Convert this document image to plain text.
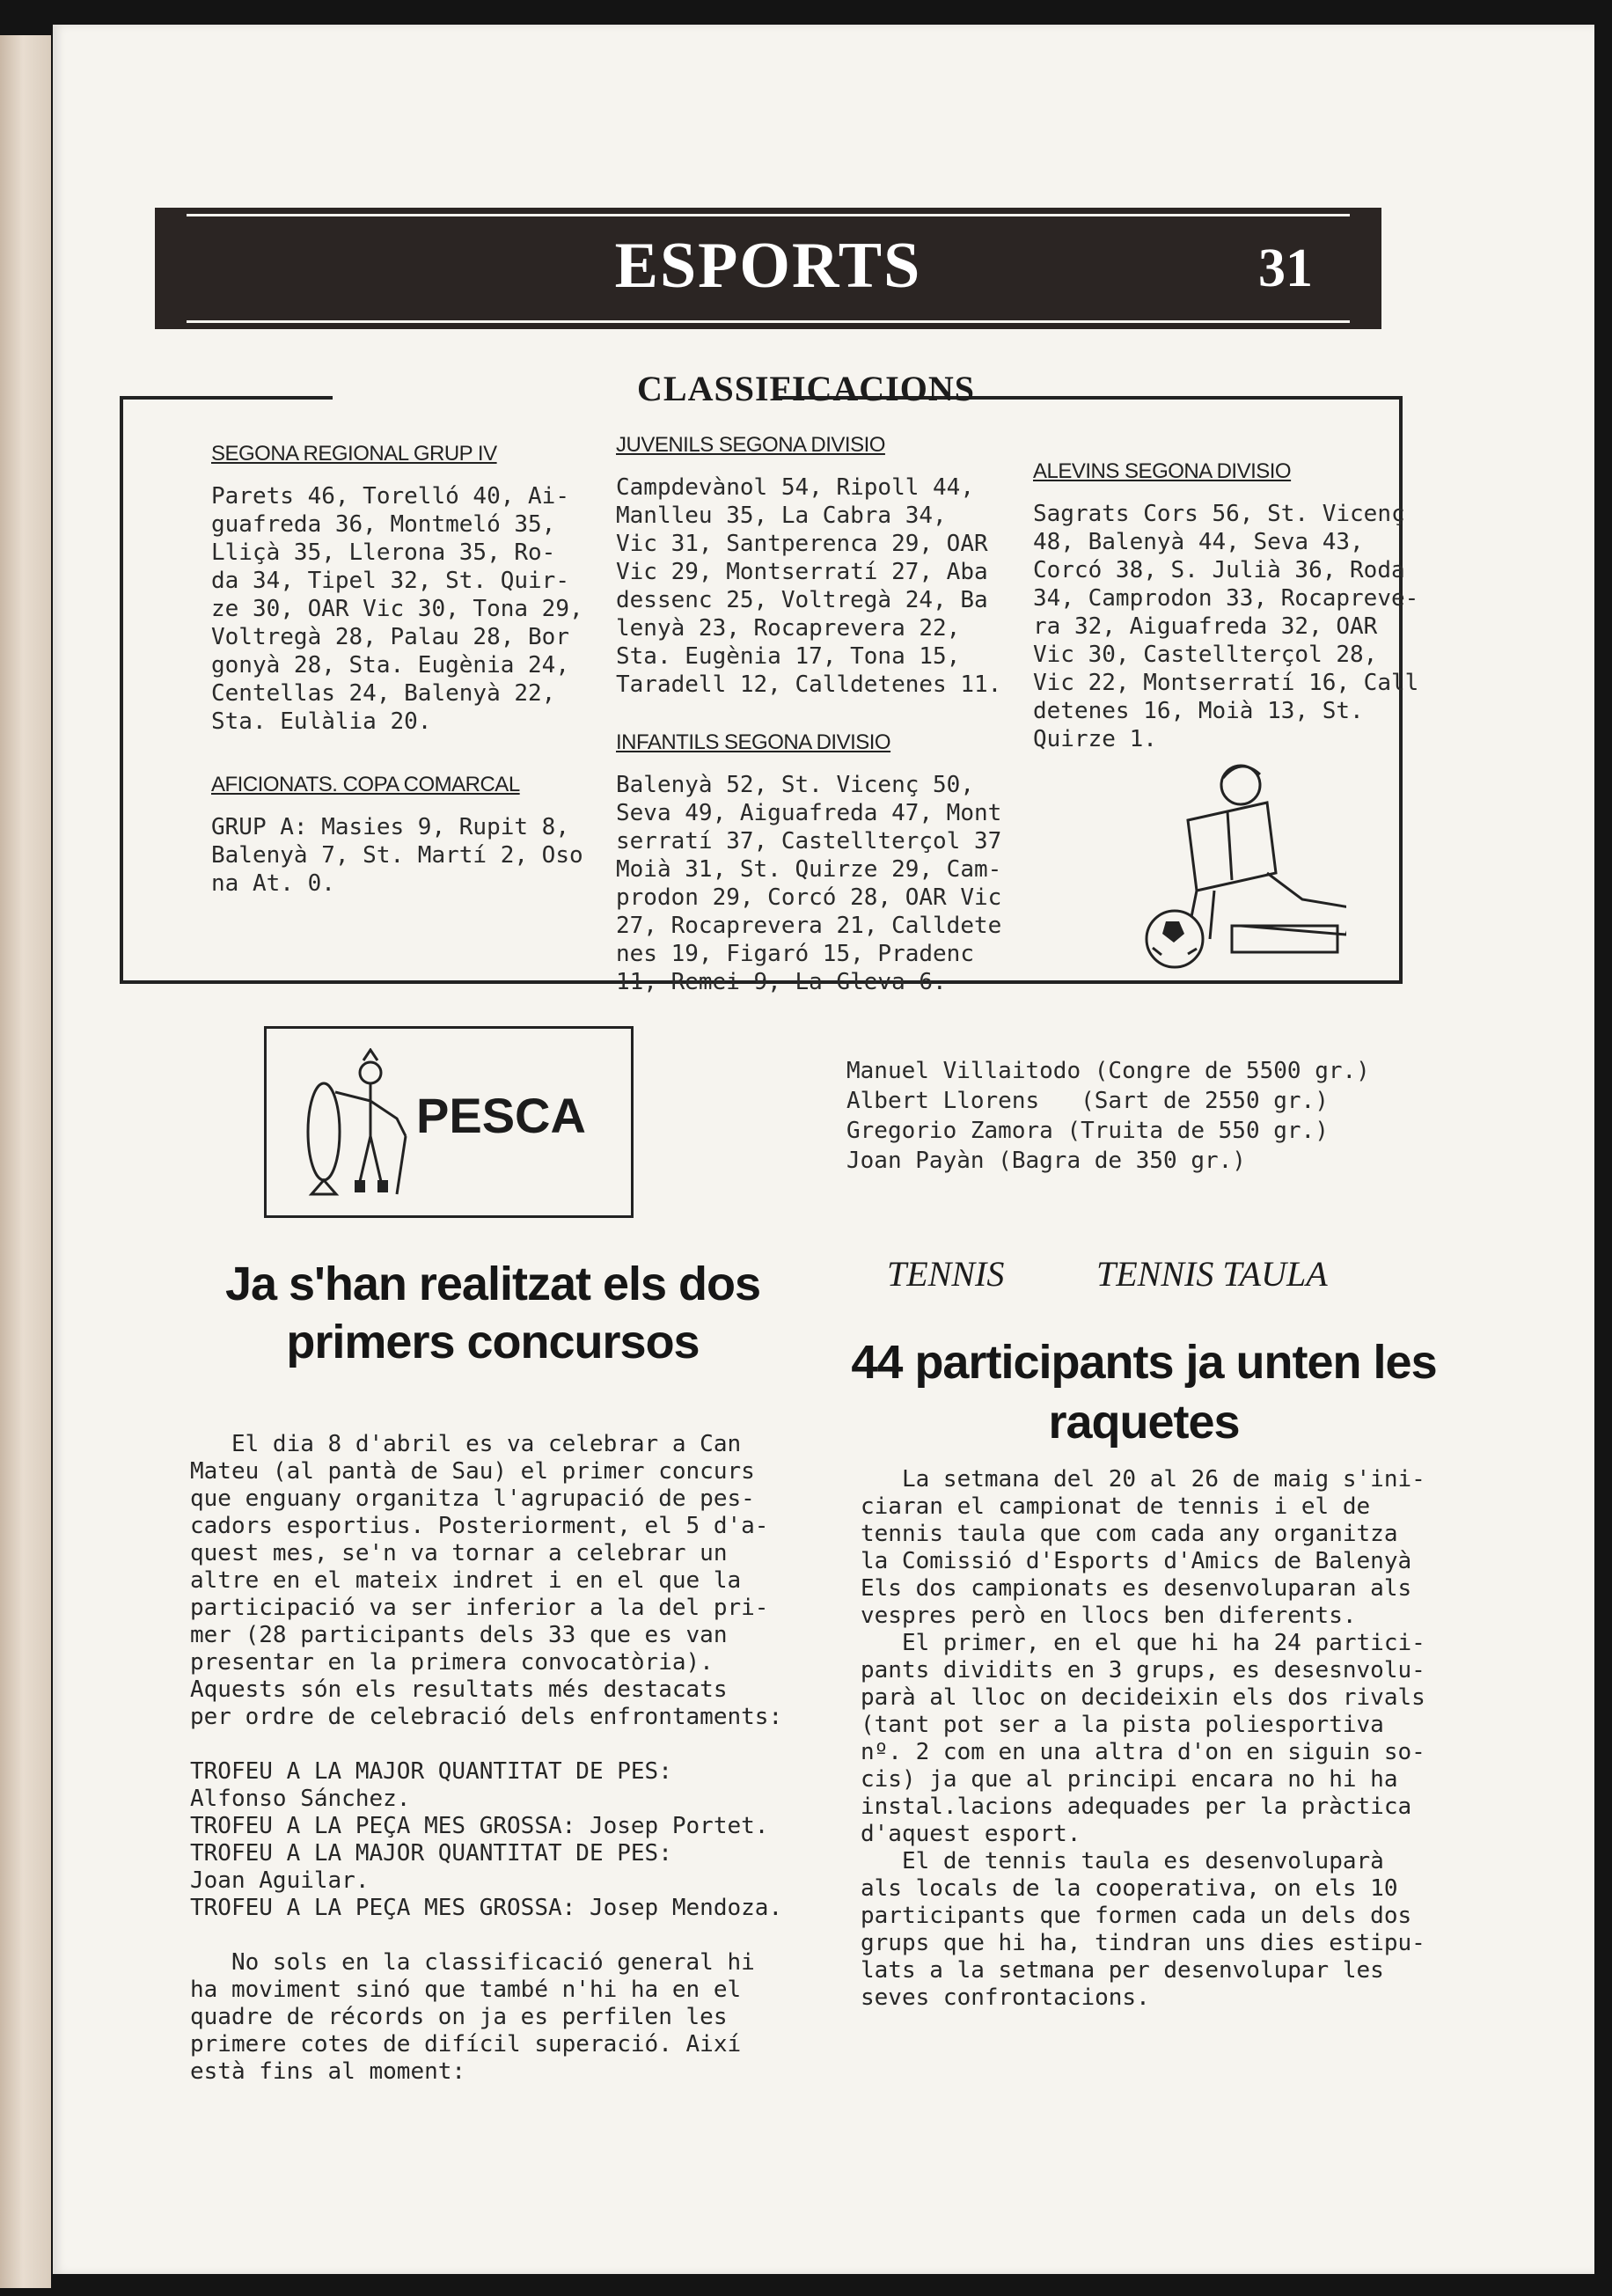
ESPORTS	31
CLASSIFICACIONS
SEGONA REGIONAL GRUP IV

Parets 46, Torelló 40, Ai-
guafreda 36, Montmeló 35,
Lliçà 35, Llerona 35, Ro-
da 34, Tipel 32, St. Quir-
ze 30, OAR Vic 30, Tona 29,
Voltregà 28, Palau 28, Bor
gonyà 28, Sta. Eugènia 24,
Centellas 24, Balenyà 22,
Sta. Eulàlia 20.

AFICIONATS. COPA COMARCAL

GRUP A: Masies 9, Rupit 8,
Balenyà 7, St. Martí 2, Oso
na At. 0.

JUVENILS SEGONA DIVISIO

Campdevànol 54, Ripoll 44,
Manlleu 35, La Cabra 34,
Vic 31, Santperenca 29, OAR
Vic 29, Montserratí 27, Aba
dessenc 25, Voltregà 24, Ba
lenyà 23, Rocaprevera 22,
Sta. Eugènia 17, Tona 15,
Taradell 12, Calldetenes 11.

INFANTILS SEGONA DIVISIO

Balenyà 52, St. Vicenç 50,
Seva 49, Aiguafreda 47, Mont
serratí 37, Castellterçol 37
Moià 31, St. Quirze 29, Cam-
prodon 29, Corcó 28, OAR Vic
27, Rocaprevera 21, Calldete
nes 19, Figaró 15, Pradenc
11, Remei 9, La Gleva 6.

ALEVINS SEGONA DIVISIO

Sagrats Cors 56, St. Vicenç
48, Balenyà 44, Seva 43,
Corcó 38, S. Julià 36, Roda
34, Camprodon 33, Rocapreve-
ra 32, Aiguafreda 32, OAR
Vic 30, Castellterçol 28,
Vic 22, Montserratí 16, Call
detenes 16, Moià 13, St.
Quirze 1.

PESCA
Manuel Villaitodo (Congre de 5500 gr.)
Albert Llorens   (Sart de 2550 gr.)
Gregorio Zamora (Truita de 550 gr.)
Joan Payàn (Bagra de 350 gr.)
Ja s'han realitzat els dos primers concursos
El dia 8 d'abril es va celebrar a Can
Mateu (al pantà de Sau) el primer concurs
que enguany organitza l'agrupació de pes-
cadors esportius. Posteriorment, el 5 d'a-
quest mes, se'n va tornar a celebrar un
altre en el mateix indret i en el que la
participació va ser inferior a la del pri-
mer (28 participants dels 33 que es van
presentar en la primera convocatòria).
Aquests són els resultats més destacats
per ordre de celebració dels enfrontaments:

TROFEU A LA MAJOR QUANTITAT DE PES:
Alfonso Sánchez.
TROFEU A LA PEÇA MES GROSSA: Josep Portet.
TROFEU A LA MAJOR QUANTITAT DE PES:
Joan Aguilar.
TROFEU A LA PEÇA MES GROSSA: Josep Mendoza.

No sols en la classificació general hi
ha moviment sinó que també n'hi ha en el
quadre de récords on ja es perfilen les
primere cotes de difícil superació. Així
està fins al moment:
TENNIS	TENNIS TAULA
44 participants ja unten les raquetes
La setmana del 20 al 26 de maig s'ini-
ciaran el campionat de tennis i el de
tennis taula que com cada any organitza
la Comissió d'Esports d'Amics de Balenyà
Els dos campionats es desenvoluparan als
vespres però en llocs ben diferents.
El primer, en el que hi ha 24 partici-
pants dividits en 3 grups, es desesnvolu-
parà al lloc on decideixin els dos rivals
(tant pot ser a la pista poliesportiva
nº. 2 com en una altra d'on en siguin so-
cis) ja que al principi encara no hi ha
instal.lacions adequades per la pràctica
d'aquest esport.
El de tennis taula es desenvoluparà
als locals de la cooperativa, on els 10
participants que formen cada un dels dos
grups que hi ha, tindran uns dies estipu-
lats a la setmana per desenvolupar les
seves confrontacions.
